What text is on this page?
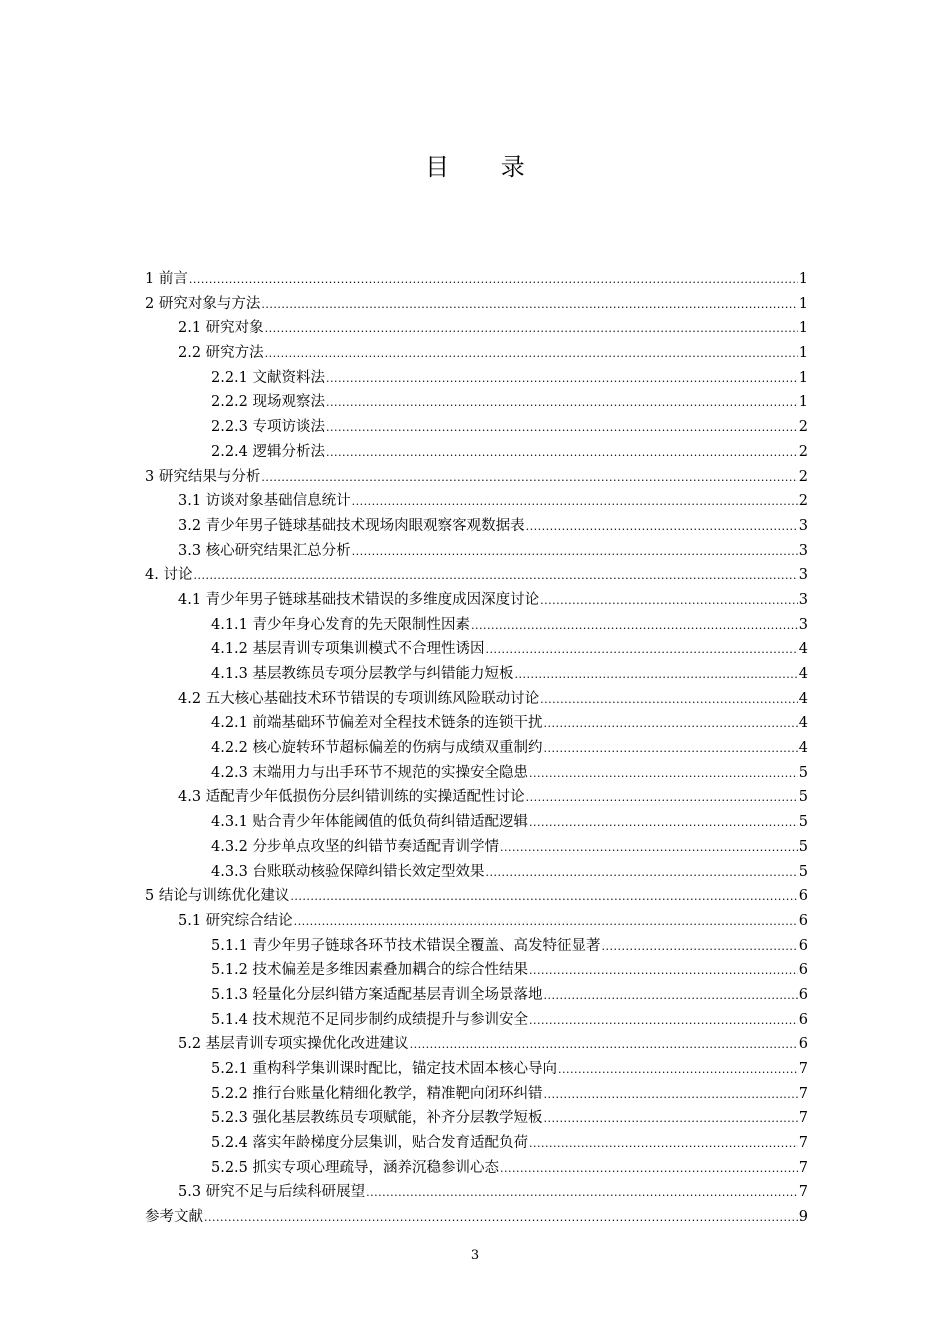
目 录
1 前言 .....	1
2 研究对象与方法 .....	1
2.1 研究对象 .....	1
2.2 研究方法 .....	1
2.2.1 文献资料法 .....	1
2.2.2 现场观察法 .....	1
2.2.3 专项访谈法 .....	2
2.2.4 逻辑分析法 .....	2
3 研究结果与分析 .....	2
3.1 访谈对象基础信息统计 .....	2
3.2 青少年男子链球基础技术现场肉眼观察客观数据表 .....	3
3.3 核心研究结果汇总分析 .....	3
4. 讨论 .....	3
4.1 青少年男子链球基础技术错误的多维度成因深度讨论 .....	3
4.1.1 青少年身心发育的先天限制性因素 .....	3
4.1.2 基层青训专项集训模式不合理性诱因 .....	4
4.1.3 基层教练员专项分层教学与纠错能力短板 .....	4
4.2 五大核心基础技术环节错误的专项训练风险联动讨论 .....	4
4.2.1 前端基础环节偏差对全程技术链条的连锁干扰 .....	4
4.2.2 核心旋转环节超标偏差的伤病与成绩双重制约 .....	4
4.2.3 末端用力与出手环节不规范的实操安全隐患 .....	5
4.3 适配青少年低损伤分层纠错训练的实操适配性讨论 .....	5
4.3.1 贴合青少年体能阈值的低负荷纠错适配逻辑 .....	5
4.3.2 分步单点攻坚的纠错节奏适配青训学情 .....	5
4.3.3 台账联动核验保障纠错长效定型效果 .....	5
5 结论与训练优化建议 .....	6
5.1 研究综合结论 .....	6
5.1.1 青少年男子链球各环节技术错误全覆盖、高发特征显著 .....	6
5.1.2 技术偏差是多维因素叠加耦合的综合性结果 .....	6
5.1.3 轻量化分层纠错方案适配基层青训全场景落地 .....	6
5.1.4 技术规范不足同步制约成绩提升与参训安全 .....	6
5.2 基层青训专项实操优化改进建议 .....	6
5.2.1 重构科学集训课时配比，锚定技术固本核心导向 .....	7
5.2.2 推行台账量化精细化教学，精准靶向闭环纠错 .....	7
5.2.3 强化基层教练员专项赋能，补齐分层教学短板 .....	7
5.2.4 落实年龄梯度分层集训，贴合发育适配负荷 .....	7
5.2.5 抓实专项心理疏导，涵养沉稳参训心态 .....	7
5.3 研究不足与后续科研展望 .....	7
参考文献 .....	9
3
